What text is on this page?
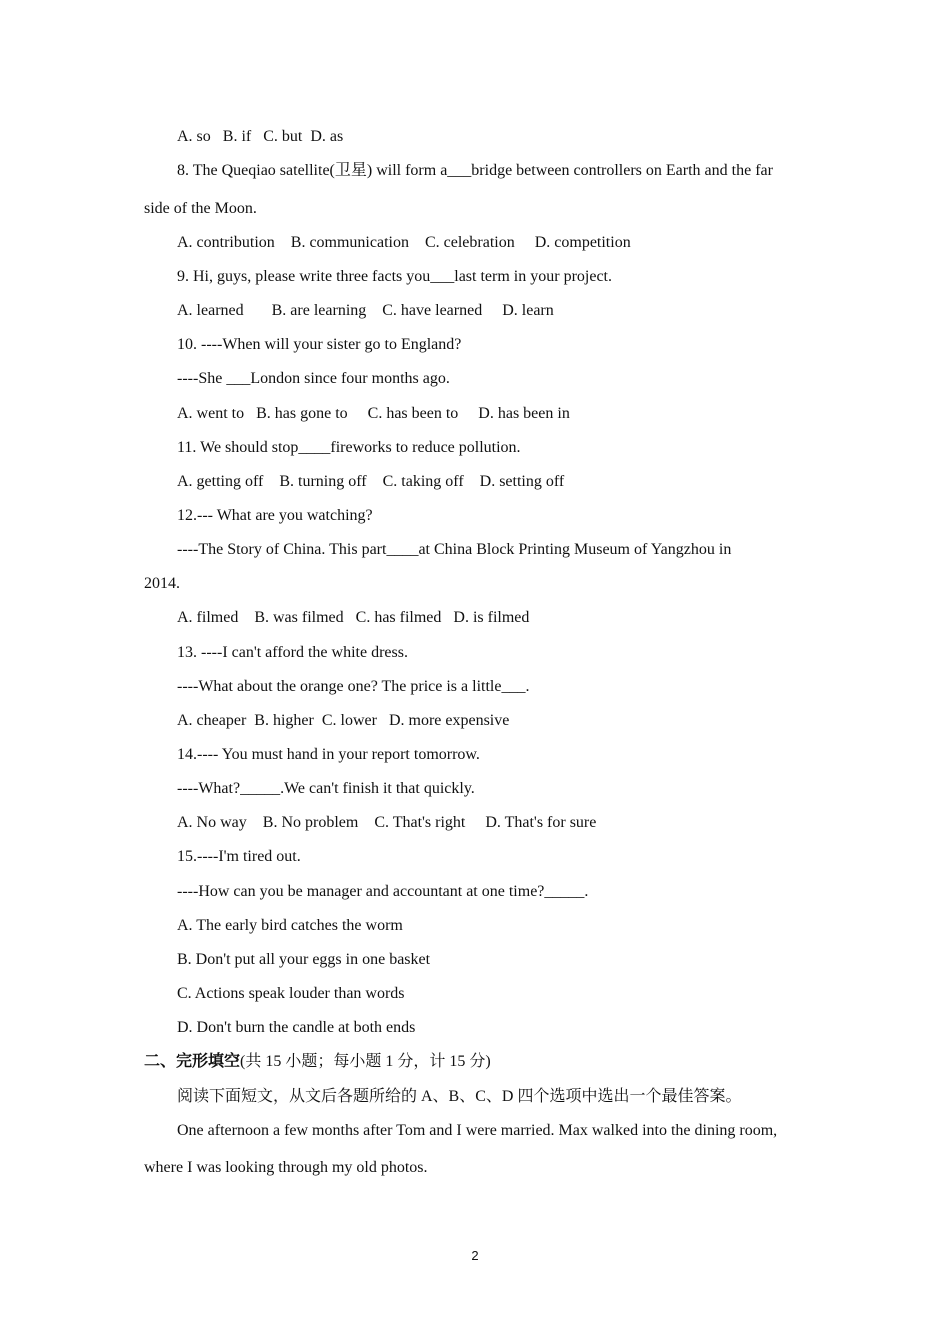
A. so   B. if   C. but  D. as

8. The Queqiao satellite(卫星) will form a___bridge between controllers on Earth and the far

side of the Moon.

A. contribution    B. communication    C. celebration     D. competition

9. Hi, guys, please write three facts you___last term in your project.

A. learned       B. are learning    C. have learned     D. learn

10. ----When will your sister go to England?

----She ___London since four months ago.

A. went to   B. has gone to     C. has been to     D. has been in

11. We should stop____fireworks to reduce pollution.

A. getting off    B. turning off    C. taking off    D. setting off

12.--- What are you watching?

----The Story of China. This part____at China Block Printing Museum of Yangzhou in

2014.

A. filmed    B. was filmed   C. has filmed   D. is filmed

13. ----I can't afford the white dress.

----What about the orange one? The price is a little___.

A. cheaper  B. higher  C. lower   D. more expensive

14.---- You must hand in your report tomorrow.

----What?_____.We can't finish it that quickly.

A. No way    B. No problem    C. That's right     D. That's for sure

15.----I'm tired out.

----How can you be manager and accountant at one time?_____.

A. The early bird catches the worm

B. Don't put all your eggs in one basket

C. Actions speak louder than words

D. Don't burn the candle at both ends

二、完形填空(共 15 小题；每小题 1 分，计 15 分)

阅读下面短文，从文后各题所给的 A、B、C、D 四个选项中选出一个最佳答案。

One afternoon a few months after Tom and I were married. Max walked into the dining room,

where I was looking through my old photos.

2
